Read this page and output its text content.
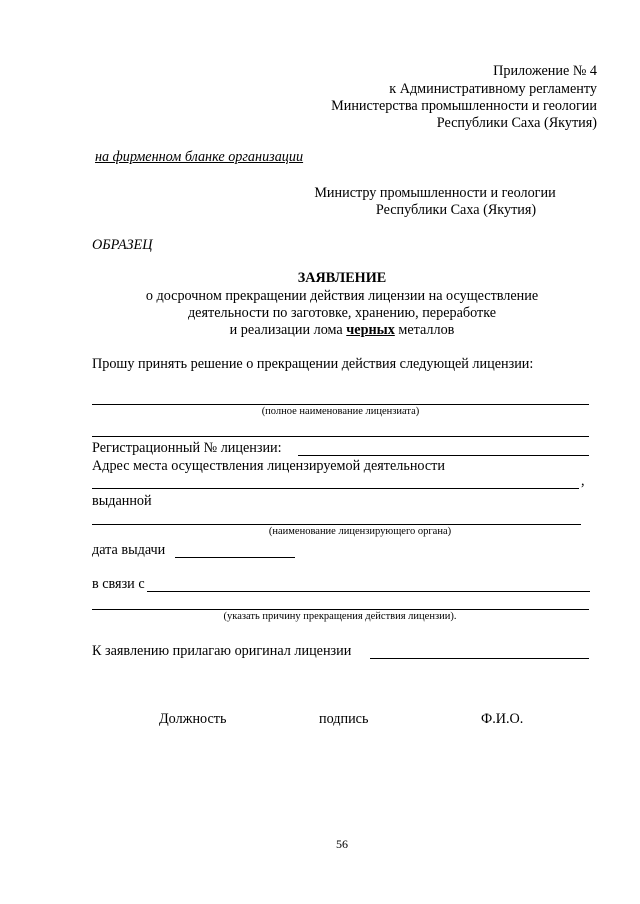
Приложение № 4
к Административному регламенту
Министерства промышленности и геологии
Республики Саха (Якутия)
на фирменном бланке организации
Министру промышленности и геологии
Республики Саха (Якутия)
ОБРАЗЕЦ
ЗАЯВЛЕНИЕ
о досрочном прекращении действия лицензии на осуществление
деятельности по заготовке, хранению, переработке
и реализации лома черных металлов
Прошу принять решение о прекращении действия следующей лицензии:
(полное наименование лицензиата)
Регистрационный № лицензии:
Адрес места осуществления лицензируемой деятельности
,
выданной
(наименование лицензирующего органа)
дата выдачи
в связи с
(указать причину прекращения действия лицензии).
К заявлению прилагаю оригинал лицензии
Должность	подпись	Ф.И.О.
56
